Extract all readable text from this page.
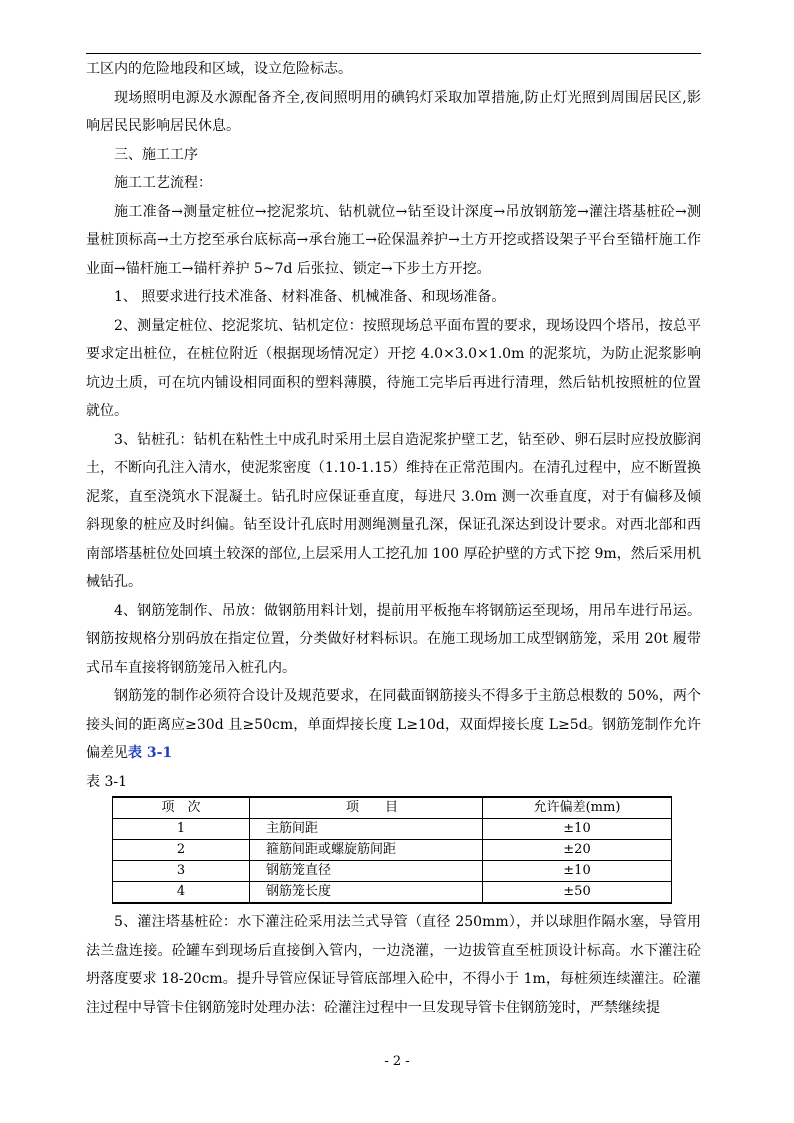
工区内的危险地段和区域，设立危险标志。

现场照明电源及水源配备齐全,夜间照明用的碘钨灯采取加罩措施,防止灯光照到周围居民区,影响居民民影响居民休息。

三、施工工序

施工工艺流程：

施工准备→测量定桩位→挖泥浆坑、钻机就位→钻至设计深度→吊放钢筋笼→灌注塔基桩砼→测量桩顶标高→土方挖至承台底标高→承台施工→砼保温养护→土方开挖或搭设架子平台至锚杆施工作业面→锚杆施工→锚杆养护 5~7d 后张拉、锁定→下步土方开挖。

1、 照要求进行技术准备、材料准备、机械准备、和现场准备。

2、测量定桩位、挖泥浆坑、钻机定位：按照现场总平面布置的要求，现场设四个塔吊，按总平要求定出桩位，在桩位附近（根据现场情况定）开挖 4.0×3.0×1.0m 的泥浆坑，为防止泥浆影响坑边土质，可在坑内铺设相同面积的塑料薄膜，待施工完毕后再进行清理，然后钻机按照桩的位置就位。

3、钻桩孔：钻机在粘性土中成孔时采用土层自造泥浆护壁工艺，钻至砂、卵石层时应投放膨润土，不断向孔注入清水，使泥浆密度（1.10-1.15）维持在正常范围内。在清孔过程中，应不断置换泥浆，直至浇筑水下混凝土。钻孔时应保证垂直度，每进尺 3.0m 测一次垂直度，对于有偏移及倾斜现象的桩应及时纠偏。钻至设计孔底时用测绳测量孔深，保证孔深达到设计要求。对西北部和西南部塔基桩位处回填土较深的部位,上层采用人工挖孔加 100 厚砼护壁的方式下挖 9m，然后采用机械钻孔。

4、钢筋笼制作、吊放：做钢筋用料计划，提前用平板拖车将钢筋运至现场，用吊车进行吊运。钢筋按规格分别码放在指定位置，分类做好材料标识。在施工现场加工成型钢筋笼，采用 20t 履带式吊车直接将钢筋笼吊入桩孔内。

钢筋笼的制作必须符合设计及规范要求，在同截面钢筋接头不得多于主筋总根数的 50%，两个接头间的距离应≥30d 且≥50cm，单面焊接长度 L≥10d，双面焊接长度 L≥5d。钢筋笼制作允许偏差见表 3-1

表 3-1

项　次	项　　目	允许偏差(mm)
1	主筋间距	±10
2	箍筋间距或螺旋筋间距	±20
3	钢筋笼直径	±10
4	钢筋笼长度	±50

5、灌注塔基桩砼：水下灌注砼采用法兰式导管（直径 250mm），并以球胆作隔水塞，导管用法兰盘连接。砼罐车到现场后直接倒入管内，一边浇灌，一边拔管直至桩顶设计标高。水下灌注砼坍落度要求 18-20cm。提升导管应保证导管底部埋入砼中，不得小于 1m，每桩须连续灌注。砼灌注过程中导管卡住钢筋笼时处理办法：砼灌注过程中一旦发现导管卡住钢筋笼时，严禁继续提

- 2 -
